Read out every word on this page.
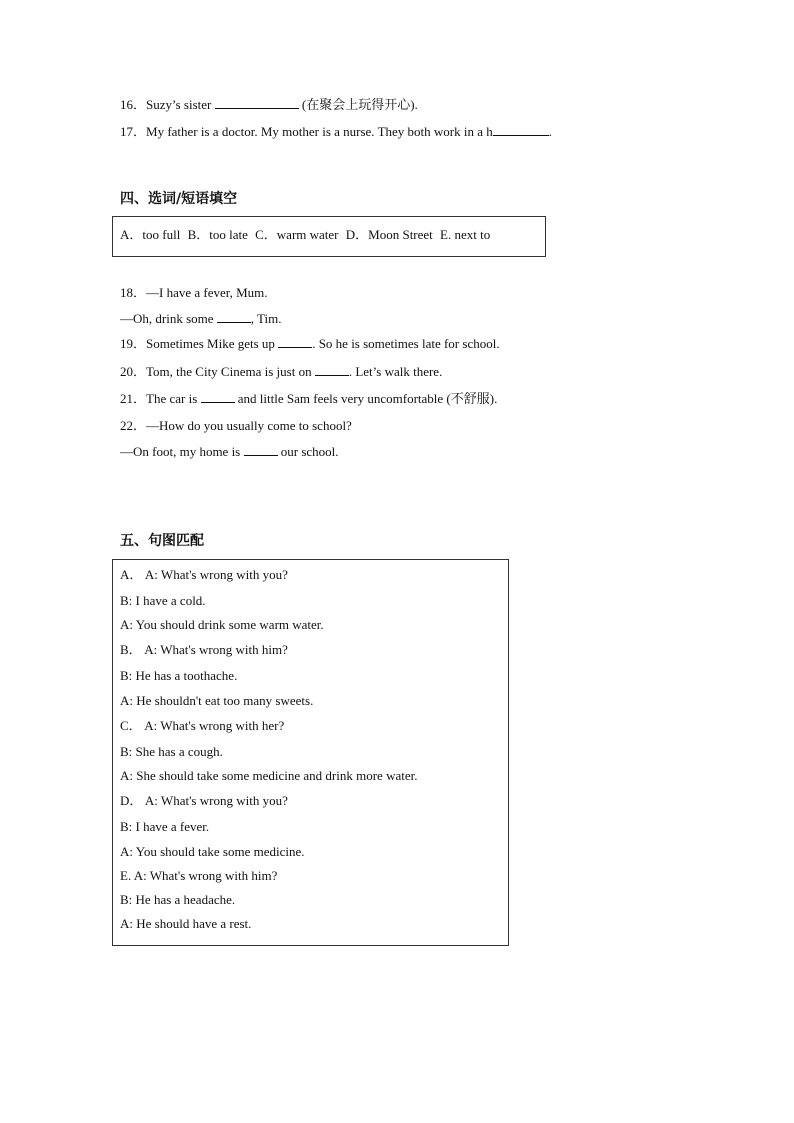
16．Suzy’s sister	(在聚会上玩得开心).
17．My father is a doctor. My mother is a nurse. They both work in a h	.
四、选词/短语填空
A．too full B．too late C．warm water D．Moon Street E. next to
18．—I have a fever, Mum.
—Oh, drink some	, Tim.
19．Sometimes Mike gets up	. So he is sometimes late for school.
20．Tom, the City Cinema is just on	. Let’s walk there.
21．The car is	and little Sam feels very uncomfortable (不舒服).
22．—How do you usually come to school?
—On foot, my home is	our school.
五、句图匹配
A． A: What's wrong with you?
B: I have a cold.
A: You should drink some warm water.
B． A: What's wrong with him?
B: He has a toothache.
A: He shouldn't eat too many sweets.
C． A: What's wrong with her?
B: She has a cough.
A: She should take some medicine and drink more water.
D． A: What's wrong with you?
B: I have a fever.
A: You should take some medicine.
E. A: What's wrong with him?
B: He has a headache.
A: He should have a rest.
